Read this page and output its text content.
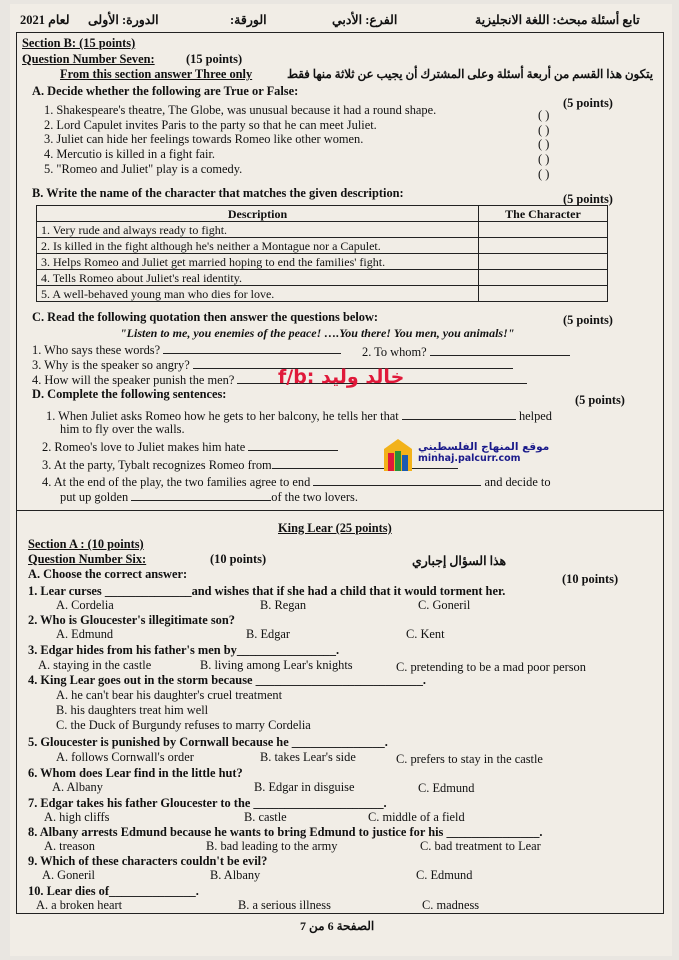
لعام 2021 الدورة: الأولى	الورقة:	الفرع: الأدبي	تابع أسئلة مبحث: اللغة الانجليزية
Section B: (15 points)
Question Number Seven:	(15 points)
From this section answer Three only	يتكون هذا القسم من أربعة أسئلة وعلى المشترك أن يجيب عن ثلاثة منها فقط
A. Decide whether the following are True or False:
(5 points)
1. Shakespeare's theatre, The Globe, was unusual because it had a round shape.
2. Lord Capulet invites Paris to the party so that he can meet Juliet.
3. Juliet can hide her feelings towards Romeo like other women.
4. Mercutio is killed in a fight fair.
5. "Romeo and Juliet" play is a comedy.
( )
( )
( )
( )
( )
B. Write the name of the character that matches the given description:	(5 points)
Description	The Character
1. Very rude and always ready to fight.	
2. Is killed in the fight although he's neither a Montague nor a Capulet.	
3. Helps Romeo and Juliet get married hoping to end the families' fight.	
4. Tells Romeo about Juliet's real identity.	
5. A well-behaved young man who dies for love.	
C. Read the following quotation then answer the questions below:	(5 points)
"Listen to me, you enemies of the peace! ….You there! You men, you animals!"
1. Who says these words?	2. To whom?
3. Why is the speaker so angry?
4. How will the speaker punish the men?	f/b: خالد وليد
D. Complete the following sentences:	(5 points)
1. When Juliet asks Romeo how he gets to her balcony, he tells her that	helped
him to fly over the walls.
2. Romeo's love to Juliet makes him hate
3. At the party, Tybalt recognizes Romeo from
4. At the end of the play, the two families agree to end	and decide to
put up golden	of the two lovers.
موقع المنهاج الفلسطيني
minhaj.palcurr.com
King Lear (25 points)
Section A : (10 points)
Question Number Six:	(10 points)	هذا السؤال إجباري
A. Choose the correct answer:	(10 points)
1. Lear curses ______________and wishes that if she had a child that it would torment her.
A. Cordelia	B. Regan	C. Goneril
2. Who is Gloucester's illegitimate son?
A. Edmund	B. Edgar	C. Kent
3. Edgar hides from his father's men by________________.
A. staying in the castle	B. living among Lear's knights	C. pretending to be a mad poor person
4. King Lear goes out in the storm because ___________________________.
A. he can't bear his daughter's cruel treatment
B. his daughters treat him well
C. the Duck of Burgundy refuses to marry Cordelia
5. Gloucester is punished by Cornwall because he _______________.
A. follows Cornwall's order	B. takes Lear's side	C. prefers to stay in the castle
6. Whom does Lear find in the little hut?
A. Albany	B. Edgar in disguise	C. Edmund
7. Edgar takes his father Gloucester to the _____________________.
A. high cliffs	B. castle	C. middle of a field
8. Albany arrests Edmund because he wants to bring Edmund to justice for his _______________.
A. treason	B. bad leading to the army	C. bad treatment to Lear
9. Which of these characters couldn't be evil?
A. Goneril	B. Albany	C. Edmund
10. Lear dies of______________.
A. a broken heart	B. a serious illness	C. madness
الصفحة 6 من 7
